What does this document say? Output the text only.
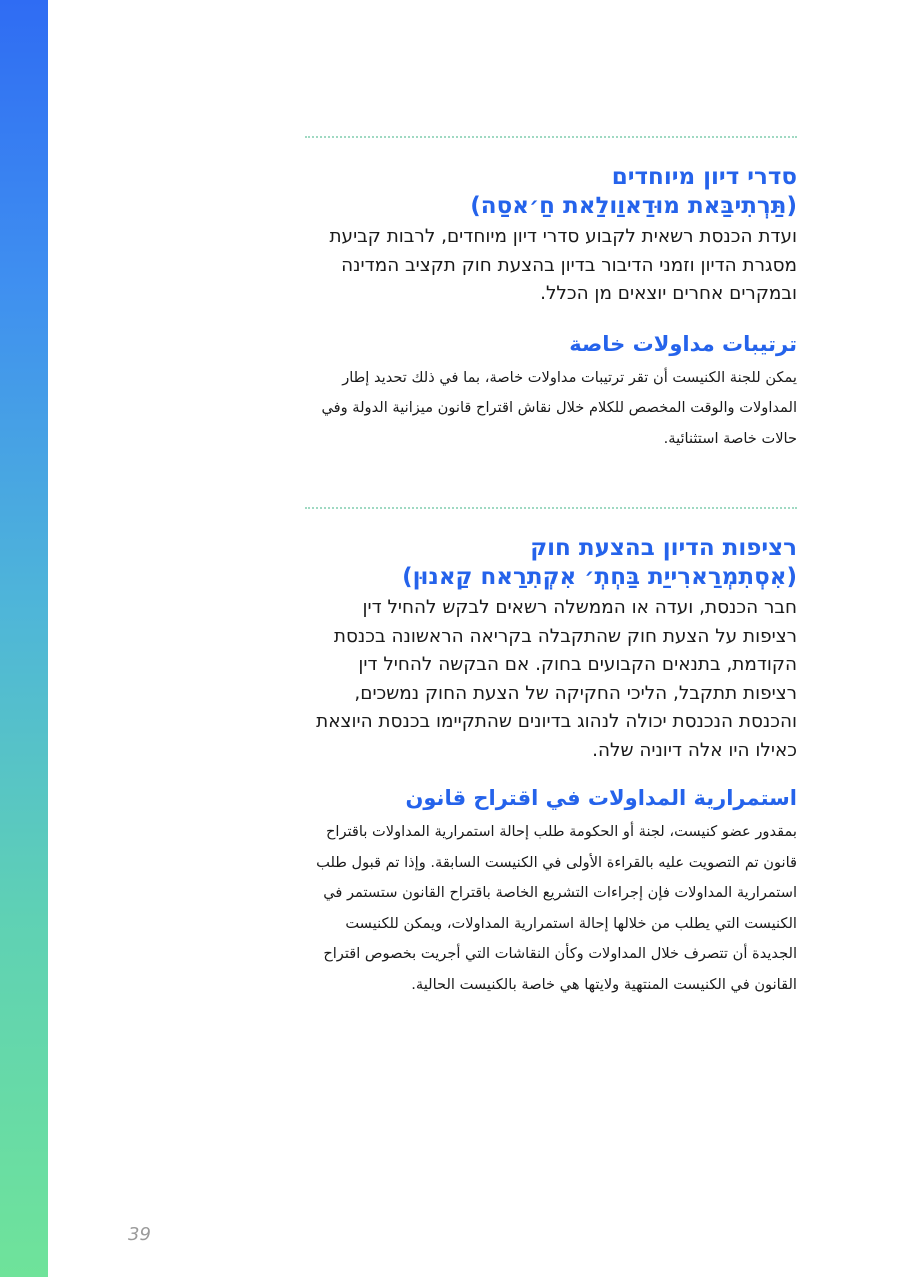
סדרי דיון מיוחדים
(תַּרְתִיבַּאת מוּדַאוַולַאת חַ׳אסַה)

ועדת הכנסת רשאית לקבוע סדרי דיון מיוחדים, לרבות קביעת מסגרת הדיון וזמני הדיבור בדיון בהצעת חוק תקציב המדינה ובמקרים אחרים יוצאים מן הכלל.

ترتيبات مداولات خاصة

يمكن للجنة الكنيست أن تقر ترتيبات مداولات خاصة، بما في ذلك تحديد إطار المداولات والوقت المخصص للكلام خلال نقاش اقتراح قانون ميزانية الدولة وفي حالات خاصة استثنائية.

רציפות הדיון בהצעת חוק
(אִסְתִמְרַארִייַת בַּחְתְ׳ אִקְתִרַאח קַאנוּן)

חבר הכנסת, ועדה או הממשלה רשאים לבקש להחיל דין רציפות על הצעת חוק שהתקבלה בקריאה הראשונה בכנסת הקודמת, בתנאים הקבועים בחוק. אם הבקשה להחיל דין רציפות תתקבל, הליכי החקיקה של הצעת החוק נמשכים, והכנסת הנכנסת יכולה לנהוג בדיונים שהתקיימו בכנסת היוצאת כאילו היו אלה דיוניה שלה.

استمرارية المداولات في اقتراح قانون

بمقدور عضو كنيست، لجنة أو الحكومة طلب إحالة استمرارية المداولات باقتراح قانون تم التصويت عليه بالقراءة الأولى في الكنيست السابقة. وإذا تم قبول طلب استمرارية المداولات فإن إجراءات التشريع الخاصة باقتراح القانون ستستمر في الكنيست التي يطلب من خلالها إحالة استمرارية المداولات، ويمكن للكنيست الجديدة أن تتصرف خلال المداولات وكأن النقاشات التي أجريت بخصوص اقتراح القانون في الكنيست المنتهية ولايتها هي خاصة بالكنيست الحالية.

39
